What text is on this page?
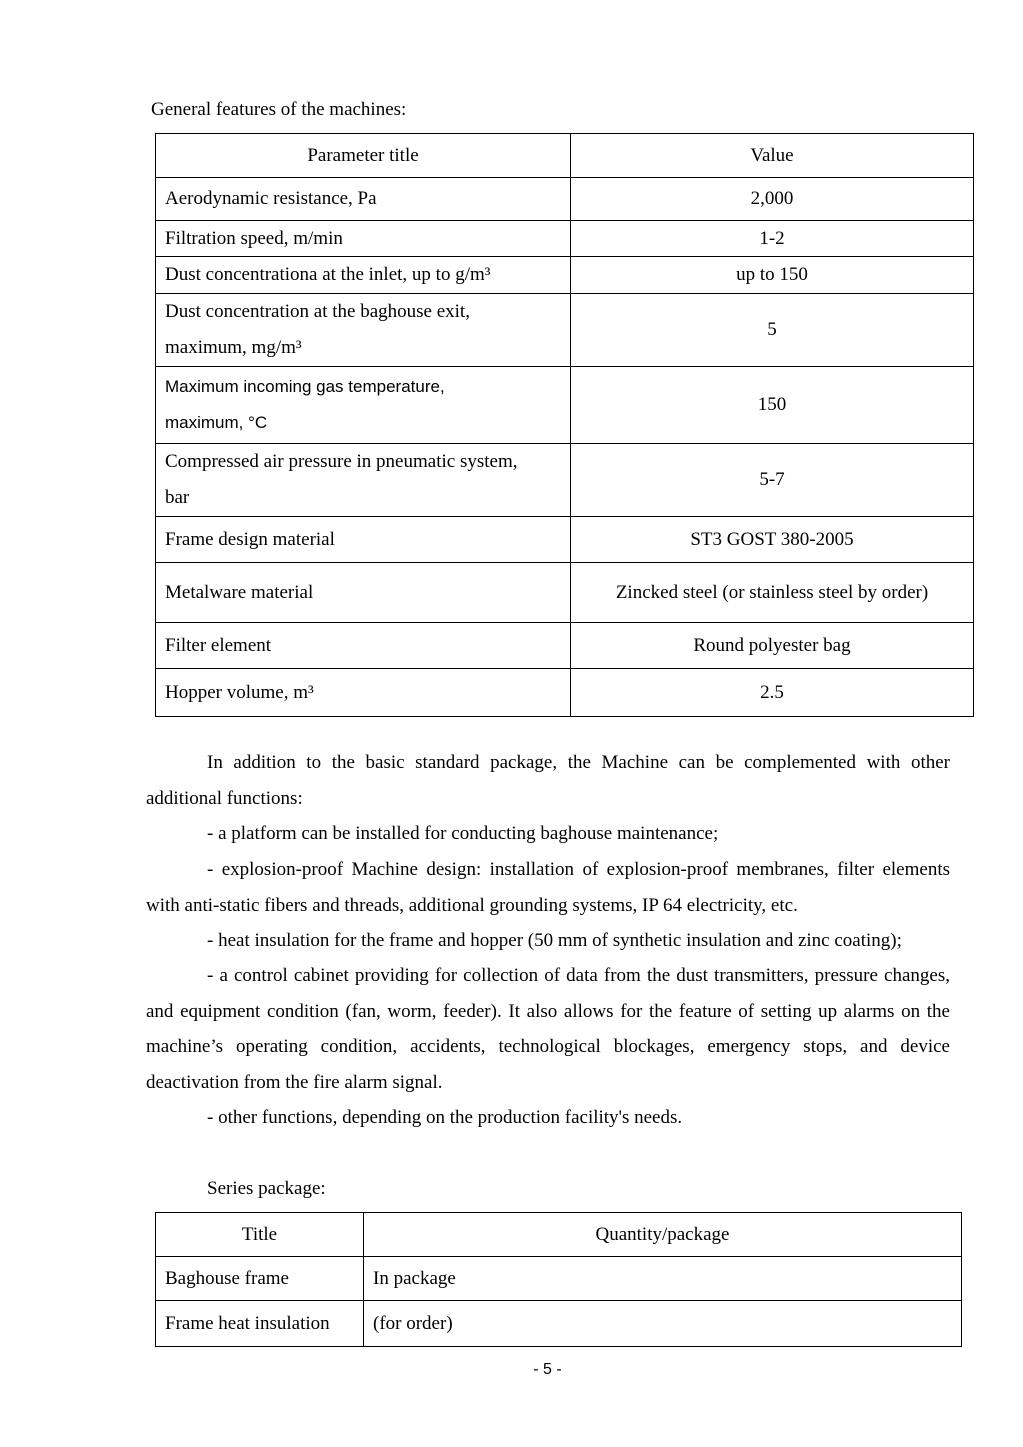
General features of the machines:
Parameter title	Value
Aerodynamic resistance, Pa	2,000
Filtration speed, m/min	1-2
Dust concentrationa at the inlet, up to g/m³	up to 150

Dust concentration at the baghouse exit,
maximum, mg/m³	5

Maximum incoming gas temperature,
maximum, °C	150

Compressed air pressure in pneumatic system,
bar	5-7
Frame design material	ST3 GOST 380-2005
Metalware material	Zincked steel (or stainless steel by order)
Filter element	Round polyester bag
Hopper volume, m³	2.5
In addition to the basic standard package, the Machine can be complemented with other additional functions:
- a platform can be installed for conducting baghouse maintenance;
- explosion-proof Machine design: installation of explosion-proof membranes, filter elements with anti-static fibers and threads, additional grounding systems, IP 64 electricity, etc.
- heat insulation for the frame and hopper (50 mm of synthetic insulation and zinc coating);
- a control cabinet providing for collection of data from the dust transmitters, pressure changes, and equipment condition (fan, worm, feeder). It also allows for the feature of setting up alarms on the machine’s operating condition, accidents, technological blockages, emergency stops, and device deactivation from the fire alarm signal.
- other functions, depending on the production facility's needs.
Series package:
Title	Quantity/package
Baghouse frame	In package
Frame heat insulation	(for order)
- 5 -
